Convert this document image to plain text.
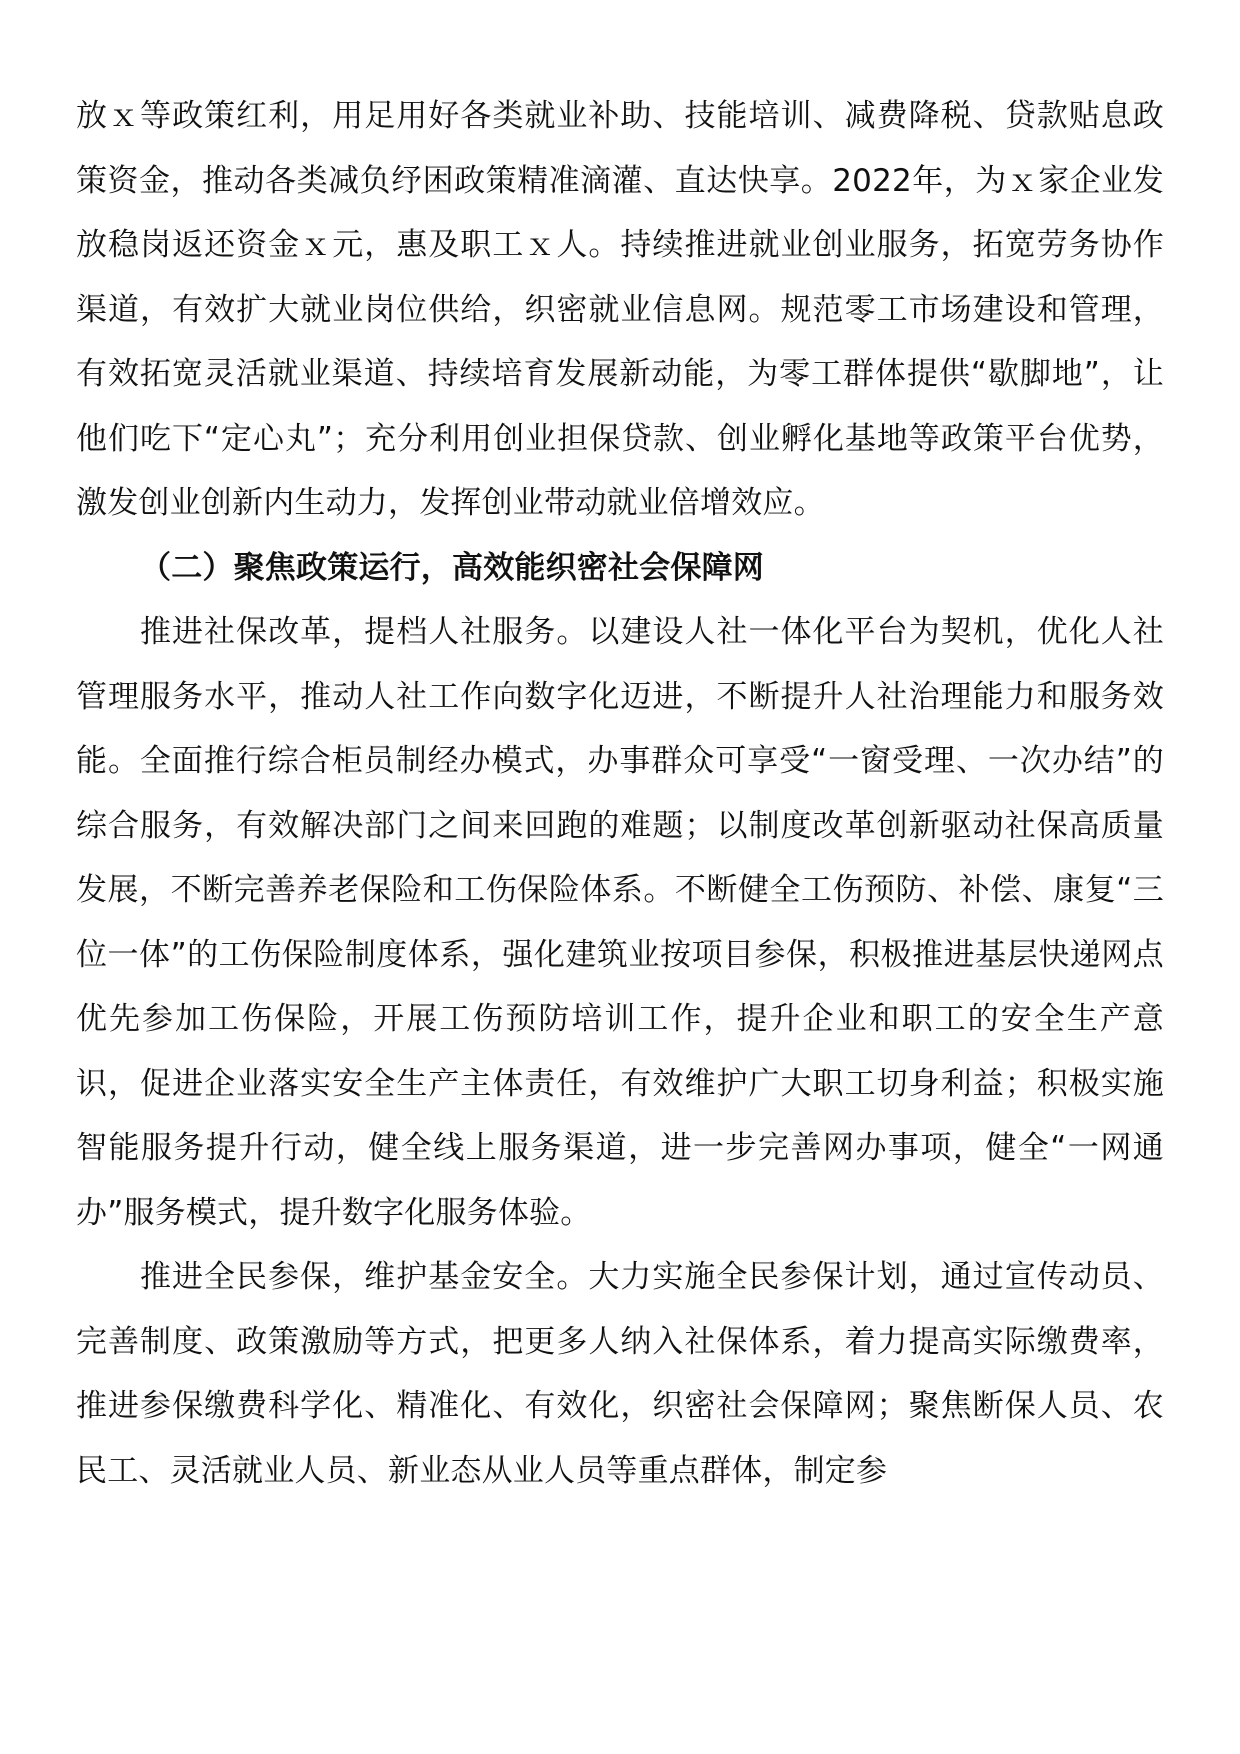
放ｘ等政策红利，用足用好各类就业补助、技能培训、减费降税、贷款贴息政策资金，推动各类减负纾困政策精准滴灌、直达快享。2022年，为ｘ家企业发放稳岗返还资金ｘ元，惠及职工ｘ人。持续推进就业创业服务，拓宽劳务协作渠道，有效扩大就业岗位供给，织密就业信息网。规范零工市场建设和管理，有效拓宽灵活就业渠道、持续培育发展新动能，为零工群体提供“歇脚地”，让他们吃下“定心丸”；充分利用创业担保贷款、创业孵化基地等政策平台优势，激发创业创新内生动力，发挥创业带动就业倍增效应。

（二）聚焦政策运行，高效能织密社会保障网

推进社保改革，提档人社服务。以建设人社一体化平台为契机，优化人社管理服务水平，推动人社工作向数字化迈进，不断提升人社治理能力和服务效能。全面推行综合柜员制经办模式，办事群众可享受“一窗受理、一次办结”的综合服务，有效解决部门之间来回跑的难题；以制度改革创新驱动社保高质量发展，不断完善养老保险和工伤保险体系。不断健全工伤预防、补偿、康复“三位一体”的工伤保险制度体系，强化建筑业按项目参保，积极推进基层快递网点优先参加工伤保险，开展工伤预防培训工作，提升企业和职工的安全生产意识，促进企业落实安全生产主体责任，有效维护广大职工切身利益；积极实施智能服务提升行动，健全线上服务渠道，进一步完善网办事项，健全“一网通办”服务模式，提升数字化服务体验。

推进全民参保，维护基金安全。大力实施全民参保计划，通过宣传动员、完善制度、政策激励等方式，把更多人纳入社保体系，着力提高实际缴费率，推进参保缴费科学化、精准化、有效化，织密社会保障网；聚焦断保人员、农民工、灵活就业人员、新业态从业人员等重点群体，制定参
